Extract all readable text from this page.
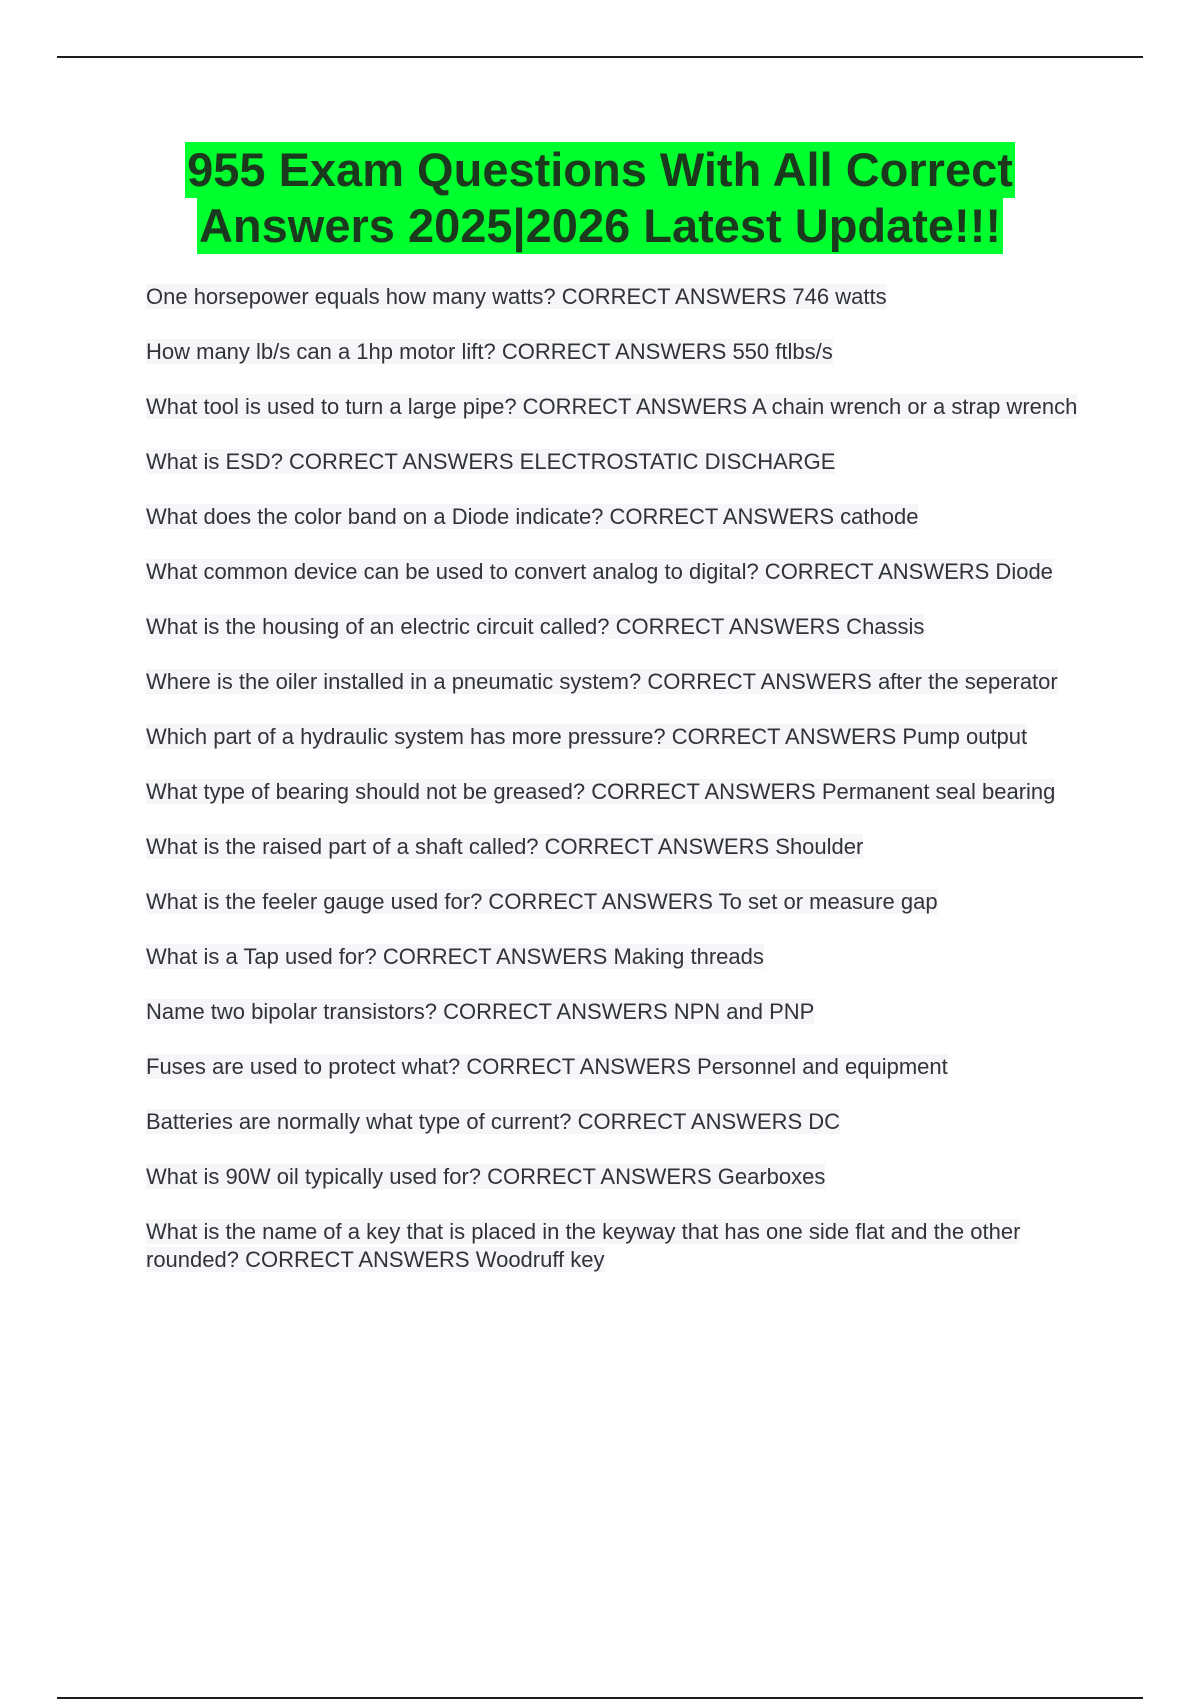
955 Exam Questions With All Correct
Answers 2025|2026 Latest Update!!!
One horsepower equals how many watts? CORRECT ANSWERS 746 watts
How many lb/s can a 1hp motor lift? CORRECT ANSWERS 550 ftlbs/s
What tool is used to turn a large pipe? CORRECT ANSWERS A chain wrench or a strap wrench
What is ESD? CORRECT ANSWERS ELECTROSTATIC DISCHARGE
What does the color band on a Diode indicate? CORRECT ANSWERS cathode
What common device can be used to convert analog to digital? CORRECT ANSWERS Diode
What is the housing of an electric circuit called? CORRECT ANSWERS Chassis
Where is the oiler installed in a pneumatic system? CORRECT ANSWERS after the seperator
Which part of a hydraulic system has more pressure? CORRECT ANSWERS Pump output
What type of bearing should not be greased? CORRECT ANSWERS Permanent seal bearing
What is the raised part of a shaft called? CORRECT ANSWERS Shoulder
What is the feeler gauge used for? CORRECT ANSWERS To set or measure gap
What is a Tap used for? CORRECT ANSWERS Making threads
Name two bipolar transistors? CORRECT ANSWERS NPN and PNP
Fuses are used to protect what? CORRECT ANSWERS Personnel and equipment
Batteries are normally what type of current? CORRECT ANSWERS DC
What is 90W oil typically used for? CORRECT ANSWERS Gearboxes
What is the name of a key that is placed in the keyway that has one side flat and the other rounded? CORRECT ANSWERS Woodruff key
